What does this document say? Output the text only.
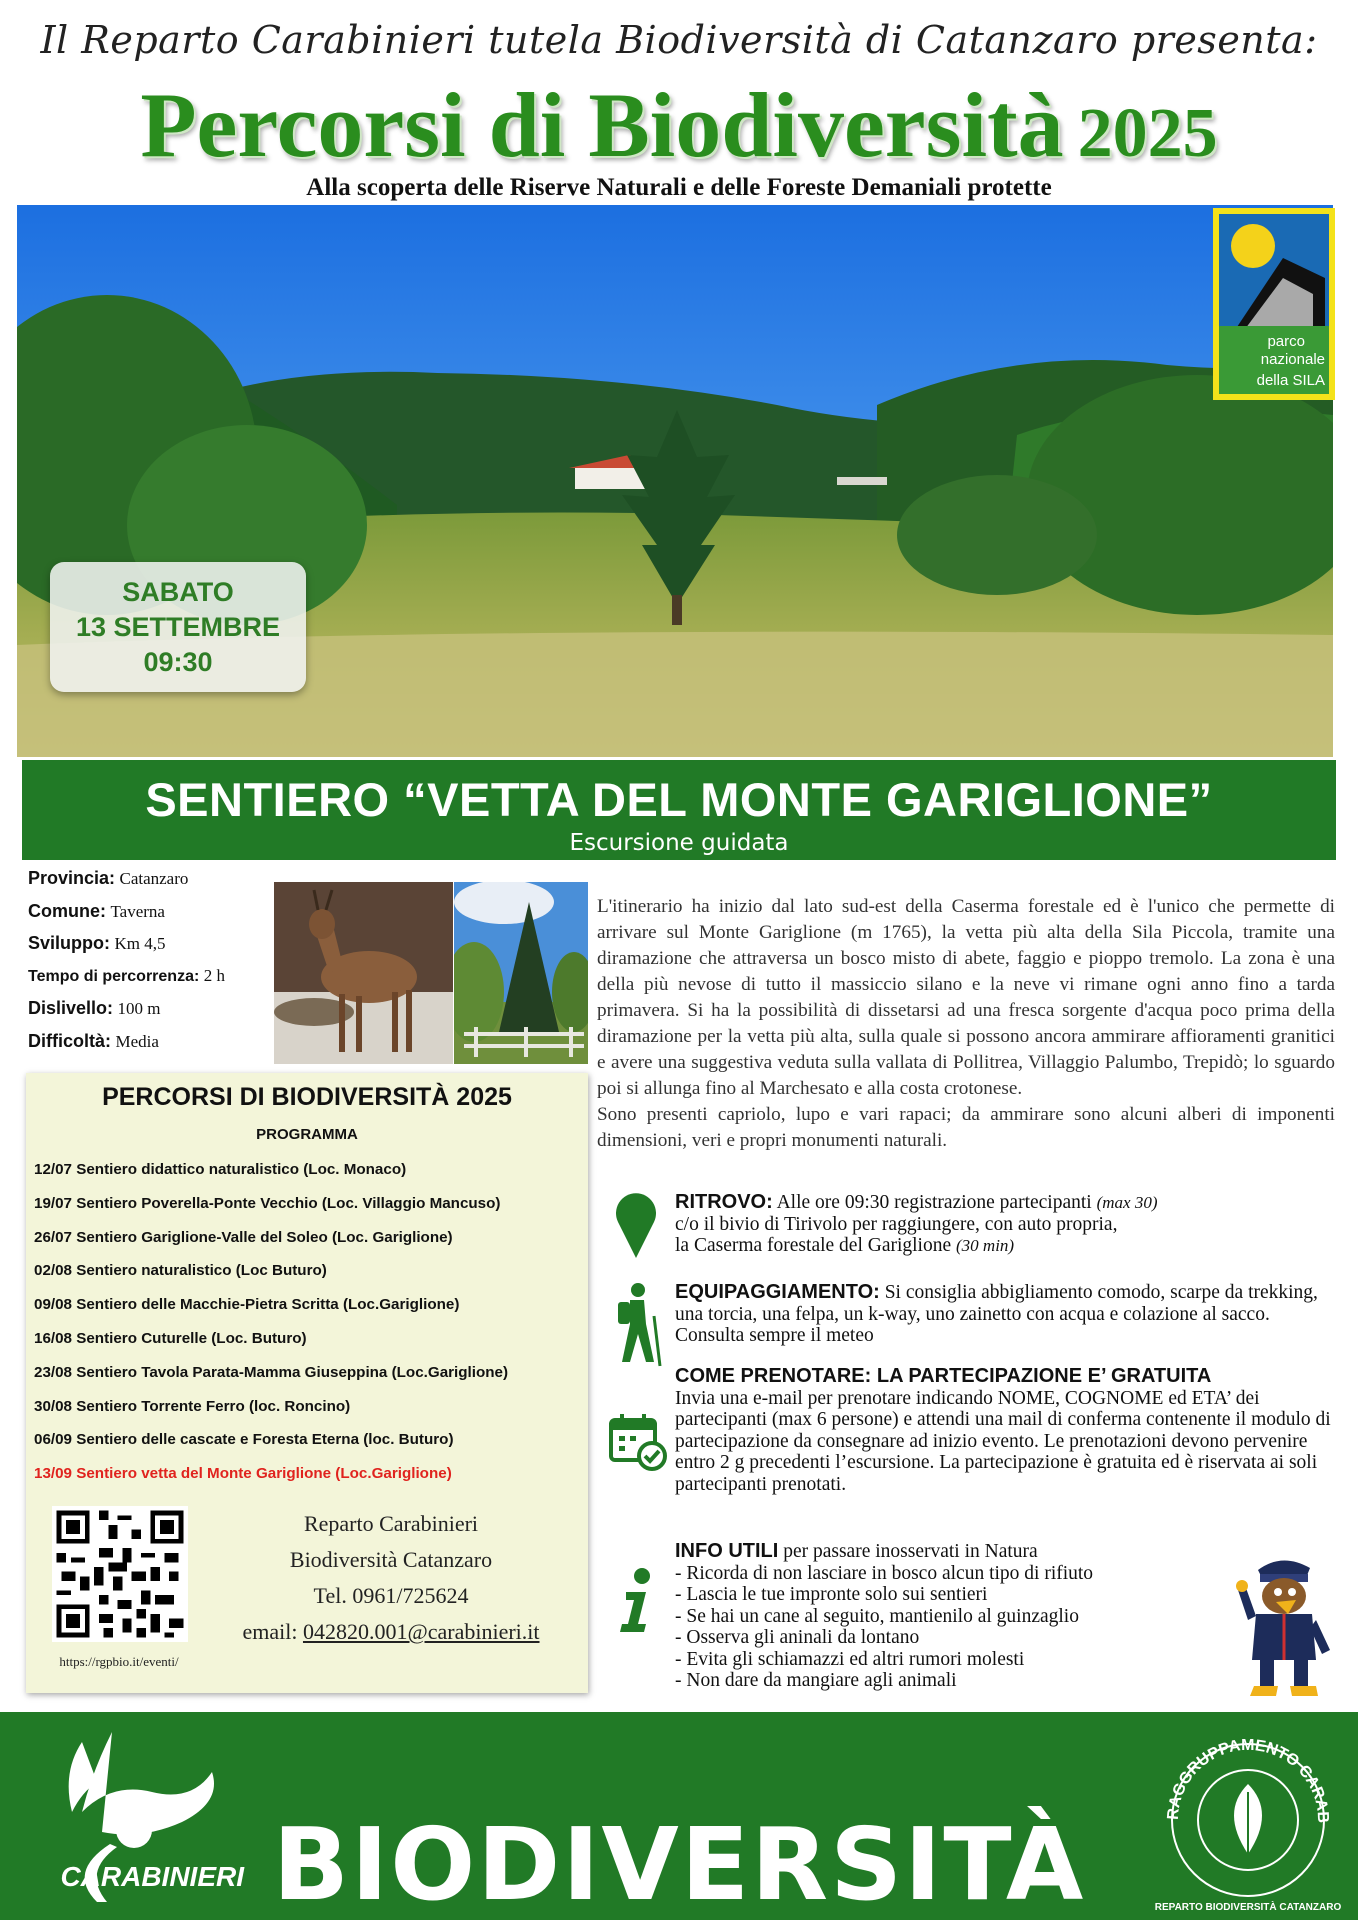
Il Reparto Carabinieri tutela Biodiversità di Catanzaro presenta:
Percorsi di Biodiversità 2025
Alla scoperta delle Riserve Naturali e delle Foreste Demaniali protette
SABATO
13 SETTEMBRE
09:30
parco
nazionale
della SILA
SENTIERO “VETTA DEL MONTE GARIGLIONE”
Escursione guidata
Provincia: Catanzaro
Comune: Taverna
Sviluppo: Km 4,5
Tempo di percorrenza: 2 h
Dislivello: 100 m
Difficoltà: Media

L'itinerario ha inizio dal lato sud-est della Caserma forestale ed è l'unico che permette di arrivare sul Monte Gariglione (m 1765), la vetta più alta della Sila Piccola, tramite una diramazione che attraversa un bosco misto di abete, faggio e pioppo tremolo. La zona è una della più nevose di tutto il massiccio silano e la neve vi rimane ogni anno fino a tarda primavera. Si ha la possibilità di dissetarsi ad una fresca sorgente d'acqua poco prima della diramazione per la vetta più alta, sulla quale si possono ancora ammirare affioramenti granitici e avere una suggestiva veduta sulla vallata di Pollitrea, Villaggio Palumbo, Trepidò; lo sguardo poi si allunga fino al Marchesato e alla costa crotonese.

Sono presenti capriolo, lupo e vari rapaci; da ammirare sono alcuni alberi di imponenti dimensioni, veri e propri monumenti naturali.

PERCORSI DI BIODIVERSITÀ 2025
PROGRAMMA
12/07 Sentiero didattico naturalistico (Loc. Monaco)
19/07 Sentiero Poverella-Ponte Vecchio (Loc. Villaggio Mancuso)
26/07 Sentiero Gariglione-Valle del Soleo (Loc. Gariglione)
02/08 Sentiero naturalistico (Loc Buturo)
09/08 Sentiero delle Macchie-Pietra Scritta (Loc.Gariglione)
16/08 Sentiero Cuturelle (Loc. Buturo)
23/08 Sentiero Tavola Parata-Mamma Giuseppina (Loc.Gariglione)
30/08 Sentiero Torrente Ferro (loc. Roncino)
06/09 Sentiero delle cascate e Foresta Eterna (loc. Buturo)
13/09 Sentiero vetta del Monte Gariglione (Loc.Gariglione)
https://rgpbio.it/eventi/
Reparto Carabinieri
Biodiversità Catanzaro
Tel. 0961/725624
email: 042820.001@carabinieri.it
RITROVO: Alle ore 09:30 registrazione partecipanti (max 30)
c/o il bivio di Tirivolo per raggiungere, con auto propria,
la Caserma forestale del Gariglione (30 min)
EQUIPAGGIAMENTO: Si consiglia abbigliamento comodo, scarpe da trekking, una torcia, una felpa, un k-way, uno zainetto con acqua e colazione al sacco. Consulta sempre il meteo
COME PRENOTARE: LA PARTECIPAZIONE E’ GRATUITA
Invia una e-mail per prenotare indicando NOME, COGNOME ed ETA’ dei partecipanti (max 6 persone) e attendi una mail di conferma contenente il modulo di partecipazione da consegnare ad inizio evento. Le prenotazioni devono pervenire entro 2 g precedenti l’escursione. La partecipazione è gratuita ed è riservata ai soli partecipanti prenotati.
INFO UTILI per passare inosservati in Natura
- Ricorda di non lasciare in bosco alcun tipo di rifiuto
- Lascia le tue impronte solo sui sentieri
- Se hai un cane al seguito, mantienilo al guinzaglio
- Osserva gli aninali da lontano
- Evita gli schiamazzi ed altri rumori molesti
- Non dare da mangiare agli animali
BIODIVERSITÀ
CARABINIERI
RAGGRUPPAMENTO CARAB
REPARTO BIODIVERSITÀ CATANZARO
